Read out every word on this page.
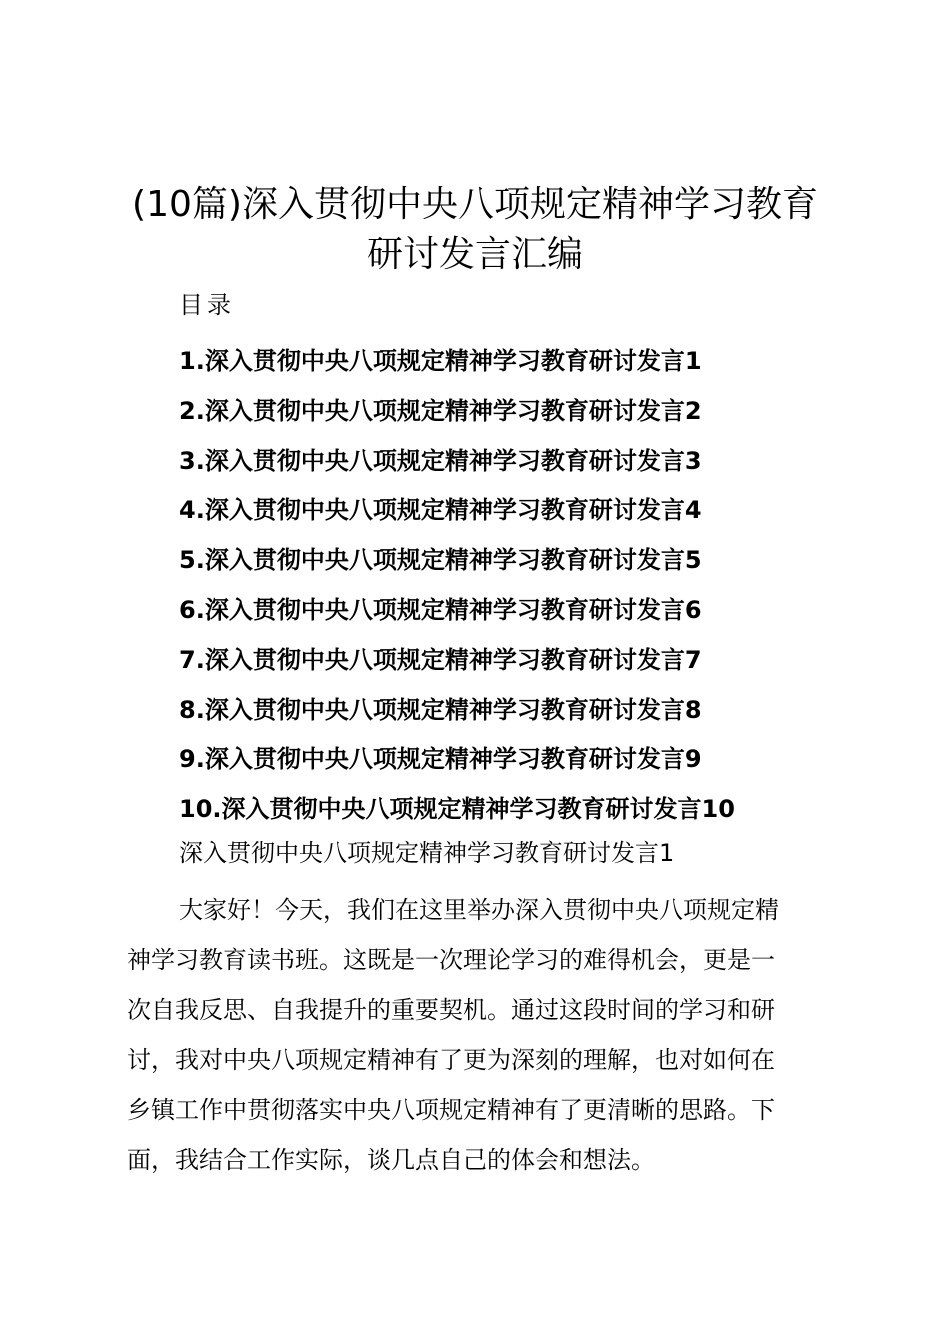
(10篇)深入贯彻中央八项规定精神学习教育
研讨发言汇编
目录
1.深入贯彻中央八项规定精神学习教育研讨发言1
2.深入贯彻中央八项规定精神学习教育研讨发言2
3.深入贯彻中央八项规定精神学习教育研讨发言3
4.深入贯彻中央八项规定精神学习教育研讨发言4
5.深入贯彻中央八项规定精神学习教育研讨发言5
6.深入贯彻中央八项规定精神学习教育研讨发言6
7.深入贯彻中央八项规定精神学习教育研讨发言7
8.深入贯彻中央八项规定精神学习教育研讨发言8
9.深入贯彻中央八项规定精神学习教育研讨发言9
10.深入贯彻中央八项规定精神学习教育研讨发言10
深入贯彻中央八项规定精神学习教育研讨发言1
大家好！今天，我们在这里举办深入贯彻中央八项规定精
神学习教育读书班。这既是一次理论学习的难得机会，更是一
次自我反思、自我提升的重要契机。通过这段时间的学习和研
讨，我对中央八项规定精神有了更为深刻的理解，也对如何在
乡镇工作中贯彻落实中央八项规定精神有了更清晰的思路。下
面，我结合工作实际，谈几点自己的体会和想法。
